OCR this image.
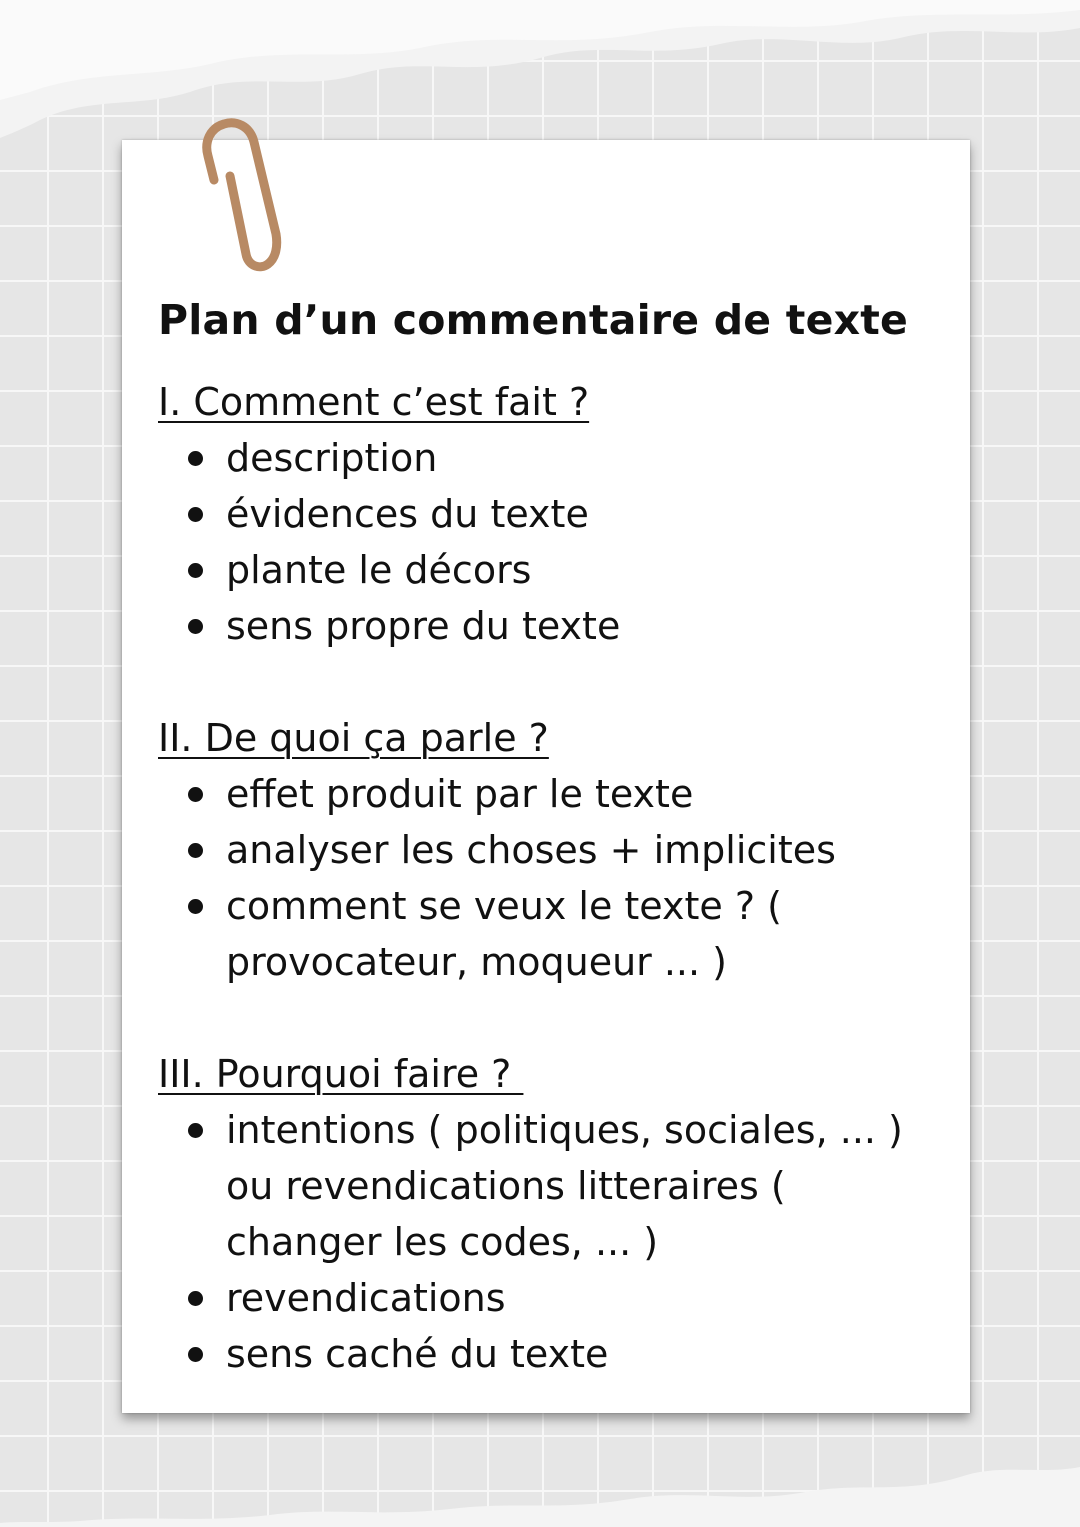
Plan d’un commentaire de texte

I. Comment c’est fait ?

description
évidences du texte
plante le décors
sens propre du texte

II. De quoi ça parle ?

effet produit par le texte
analyser les choses + implicites
comment se veux le texte ? ( provocateur, moqueur ... )

III. Pourquoi faire ?

intentions ( politiques, sociales, ... ) ou revendications litteraires ( changer les codes, ... )
revendications
sens caché du texte
